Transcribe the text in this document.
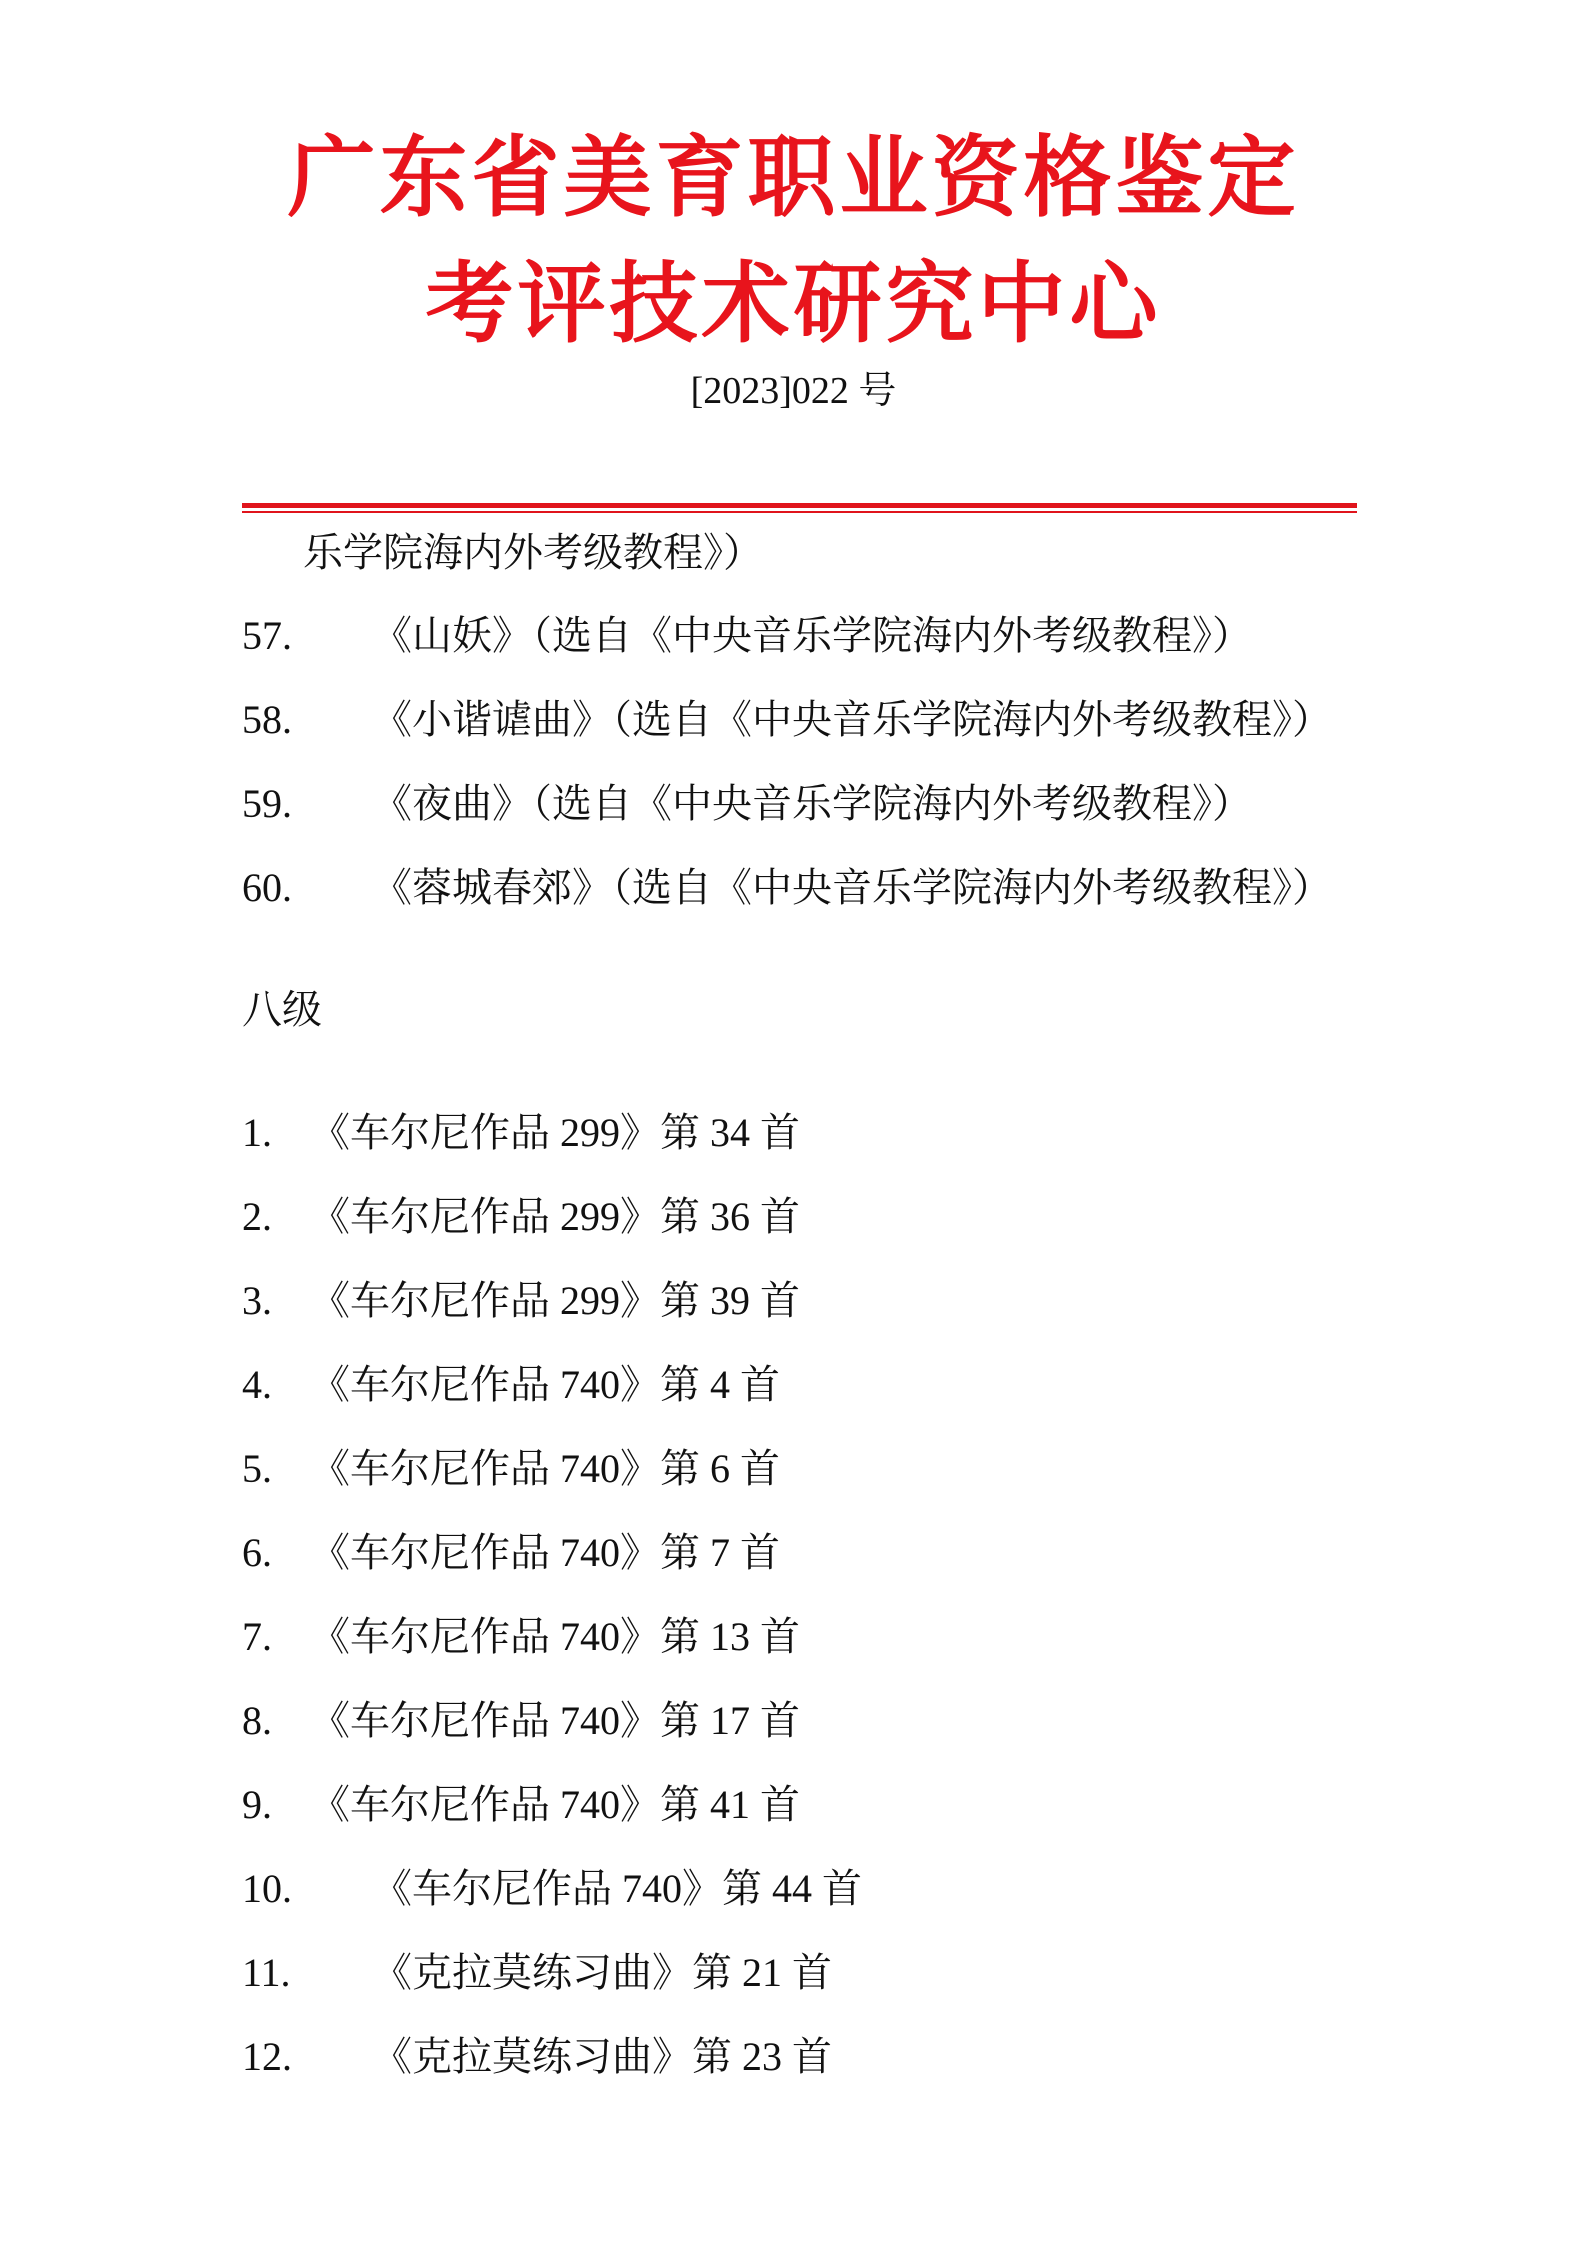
广东省美育职业资格鉴定
考评技术研究中心
[2023]022 号
乐学院海内外考级教程》）
57. 《山妖》（选自《中央音乐学院海内外考级教程》）
58. 《小谐谑曲》（选自《中央音乐学院海内外考级教程》）
59. 《夜曲》（选自《中央音乐学院海内外考级教程》）
60. 《蓉城春郊》（选自《中央音乐学院海内外考级教程》）
八级
1. 《车尔尼作品 299》第 34 首
2. 《车尔尼作品 299》第 36 首
3. 《车尔尼作品 299》第 39 首
4. 《车尔尼作品 740》第 4 首
5. 《车尔尼作品 740》第 6 首
6. 《车尔尼作品 740》第 7 首
7. 《车尔尼作品 740》第 13 首
8. 《车尔尼作品 740》第 17 首
9. 《车尔尼作品 740》第 41 首
10. 《车尔尼作品 740》第 44 首
11. 《克拉莫练习曲》第 21 首
12. 《克拉莫练习曲》第 23 首
